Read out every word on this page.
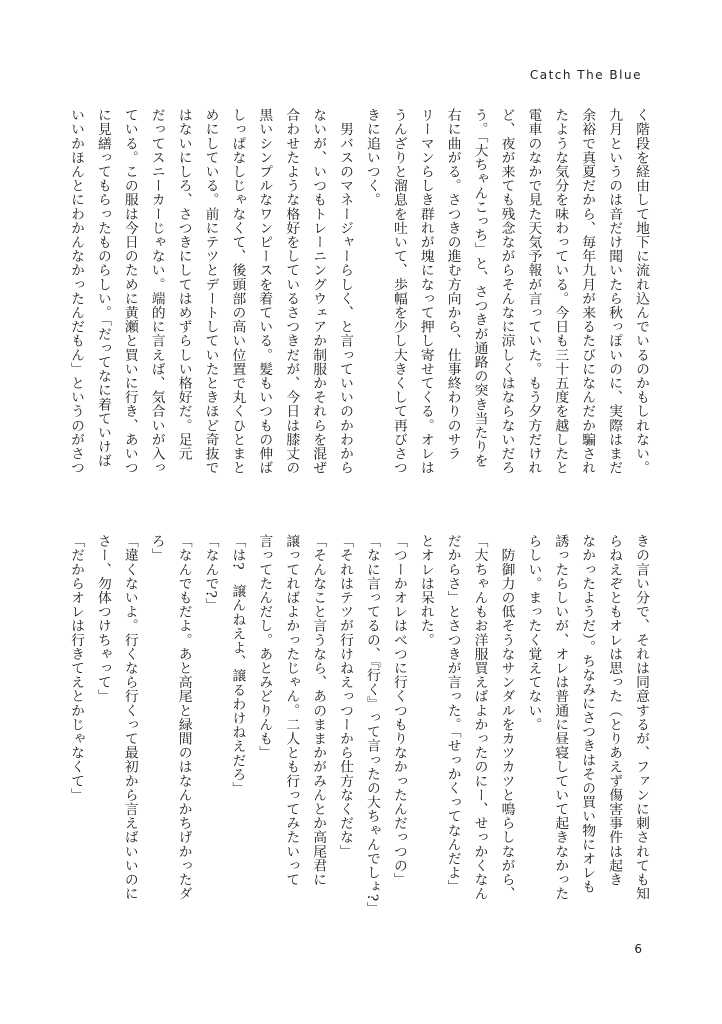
Catch The Blue

く階段を経由して地下に流れ込んでいるのかもしれない。

九月というのは音だけ聞いたら秋っぽいのに、実際はまだ

余裕で真夏だから、毎年九月が来るたびになんだか騙され

たような気分を味わっている。今日も三十五度を越したと

電車のなかで見た天気予報が言っていた。もう夕方だけれ

ど、夜が来ても残念ながらそんなに涼しくはならないだろ

う。「大ちゃんこっち」と、さつきが通路の突き当たりを

右に曲がる。さつきの進む方向から、仕事終わりのサラ

リーマンらしき群れが塊になって押し寄せてくる。オレは

うんざりと溜息を吐いて、歩幅を少し大きくして再びさつ

きに追いつく。

　男バスのマネージャーらしく、と言っていいのかわから

ないが、いつもトレーニングウェアか制服かそれらを混ぜ

合わせたような格好をしているさつきだが、今日は膝丈の

黒いシンプルなワンピースを着ている。髪もいつもの伸ば

しっぱなしじゃなくて、後頭部の高い位置で丸くひとまと

めにしている。前にテツとデートしていたときほど奇抜で

はないにしろ、さつきにしてはめずらしい格好だ。足元

だってスニーカーじゃない。端的に言えば、気合いが入っ

ている。この服は今日のために黄瀬と買いに行き、あいつ

に見繕ってもらったものらしい。「だってなに着ていけば

いいかほんとにわかんなかったんだもん」というのがさつ

きの言い分で、それは同意するが、ファンに刺されても知

らねえぞともオレは思った（とりあえず傷害事件は起き

なかったようだ）。ちなみにさつきはその買い物にオレも

誘ったらしいが、オレは普通に昼寝していて起きなかった

らしい。まったく覚えてない。

　防御力の低そうなサンダルをカツカツと鳴らしながら、

「大ちゃんもお洋服買えばよかったのにー、せっかくなん

だからさ」とさつきが言った。「せっかくってなんだよ」

とオレは呆れた。

「つーかオレはべつに行くつもりなかったんだっつの」

「なに言ってるの、『行く』って言ったの大ちゃんでしょ?」

「それはテツが行けねえっつーから仕方なくだな」

「そんなこと言うなら、あのままかがみんとか高尾君に

譲ってればよかったじゃん。二人とも行ってみたいって

言ってたんだし。あとみどりんも」

「は?　譲んねえよ、譲るわけねえだろ」

「なんで?」

「なんでもだよ。あと高尾と緑間のはなんかちげかったダ

ろ」

「違くないよ。行くなら行くって最初から言えばいいのに

さー、勿体つけちゃって」

「だからオレは行きてえとかじゃなくて」

6
